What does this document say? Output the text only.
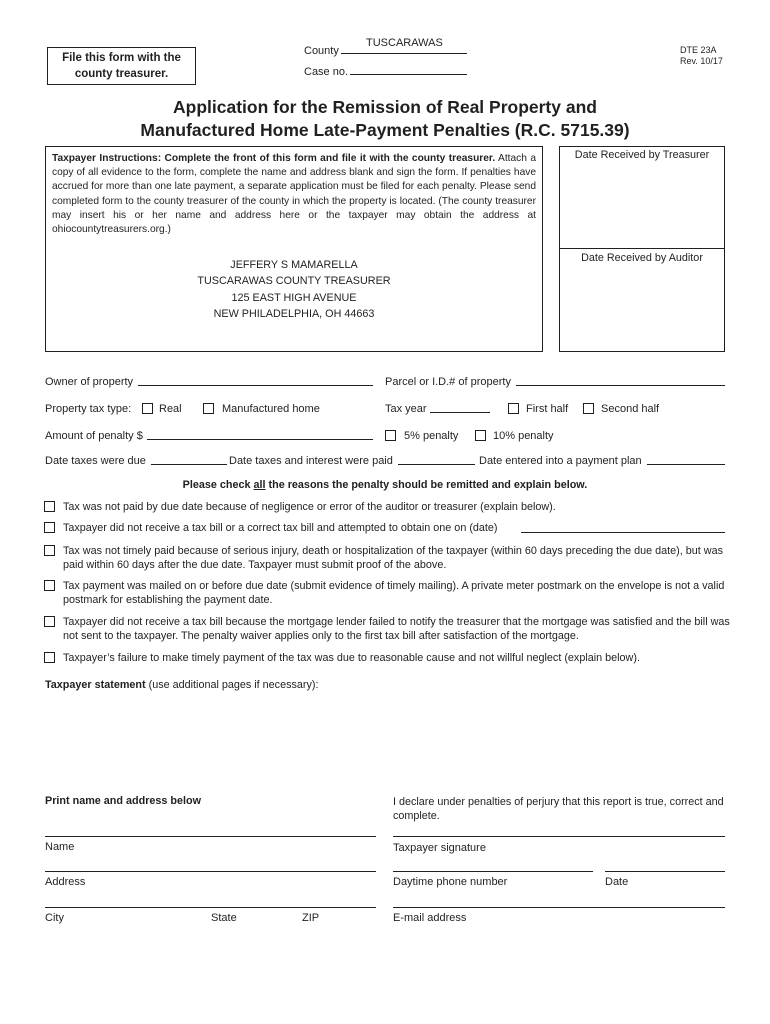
File this form with the
county treasurer.
County
TUSCARAWAS
Case no.
DTE 23A
Rev. 10/17
Application for the Remission of Real Property and
Manufactured Home Late-Payment Penalties (R.C. 5715.39)
Taxpayer Instructions: Complete the front of this form and file it with the county treasurer. Attach a copy of all evidence to the form, complete the name and address blank and sign the form. If penalties have accrued for more than one late payment, a separate application must be filed for each penalty. Please send completed form to the county treasurer of the county in which the property is located. (The county treasurer may insert his or her name and address here or the taxpayer may obtain the address at ohiocountytreasurers.org.)
JEFFERY S MAMARELLA
TUSCARAWAS COUNTY TREASURER
125 EAST HIGH AVENUE
NEW PHILADELPHIA, OH 44663
Date Received by Treasurer
Date Received by Auditor
Owner of property	Parcel or I.D.# of property
Property tax type:	Real	Manufactured home	Tax year	First half	Second half
Amount of penalty $	5% penalty	10% penalty
Date taxes were due	Date taxes and interest were paid	Date entered into a payment plan
Please check all the reasons the penalty should be remitted and explain below.
Tax was not paid by due date because of negligence or error of the auditor or treasurer (explain below).
Taxpayer did not receive a tax bill or a correct tax bill and attempted to obtain one on (date)
Tax was not timely paid because of serious injury, death or hospitalization of the taxpayer (within 60 days preceding the due date), but was paid within 60 days after the due date. Taxpayer must submit proof of the above.
Tax payment was mailed on or before due date (submit evidence of timely mailing). A private meter postmark on the envelope is not a valid postmark for establishing the payment date.
Taxpayer did not receive a tax bill because the mortgage lender failed to notify the treasurer that the mortgage was satisfied and the bill was not sent to the taxpayer. The penalty waiver applies only to the first tax bill after satisfaction of the mortgage.
Taxpayer’s failure to make timely payment of the tax was due to reasonable cause and not willful neglect (explain below).
Taxpayer statement (use additional pages if necessary):
Print name and address below	I declare under penalties of perjury that this report is true, correct and complete.
Name	Taxpayer signature
Address	Daytime phone number	Date
City	State	ZIP	E-mail address
